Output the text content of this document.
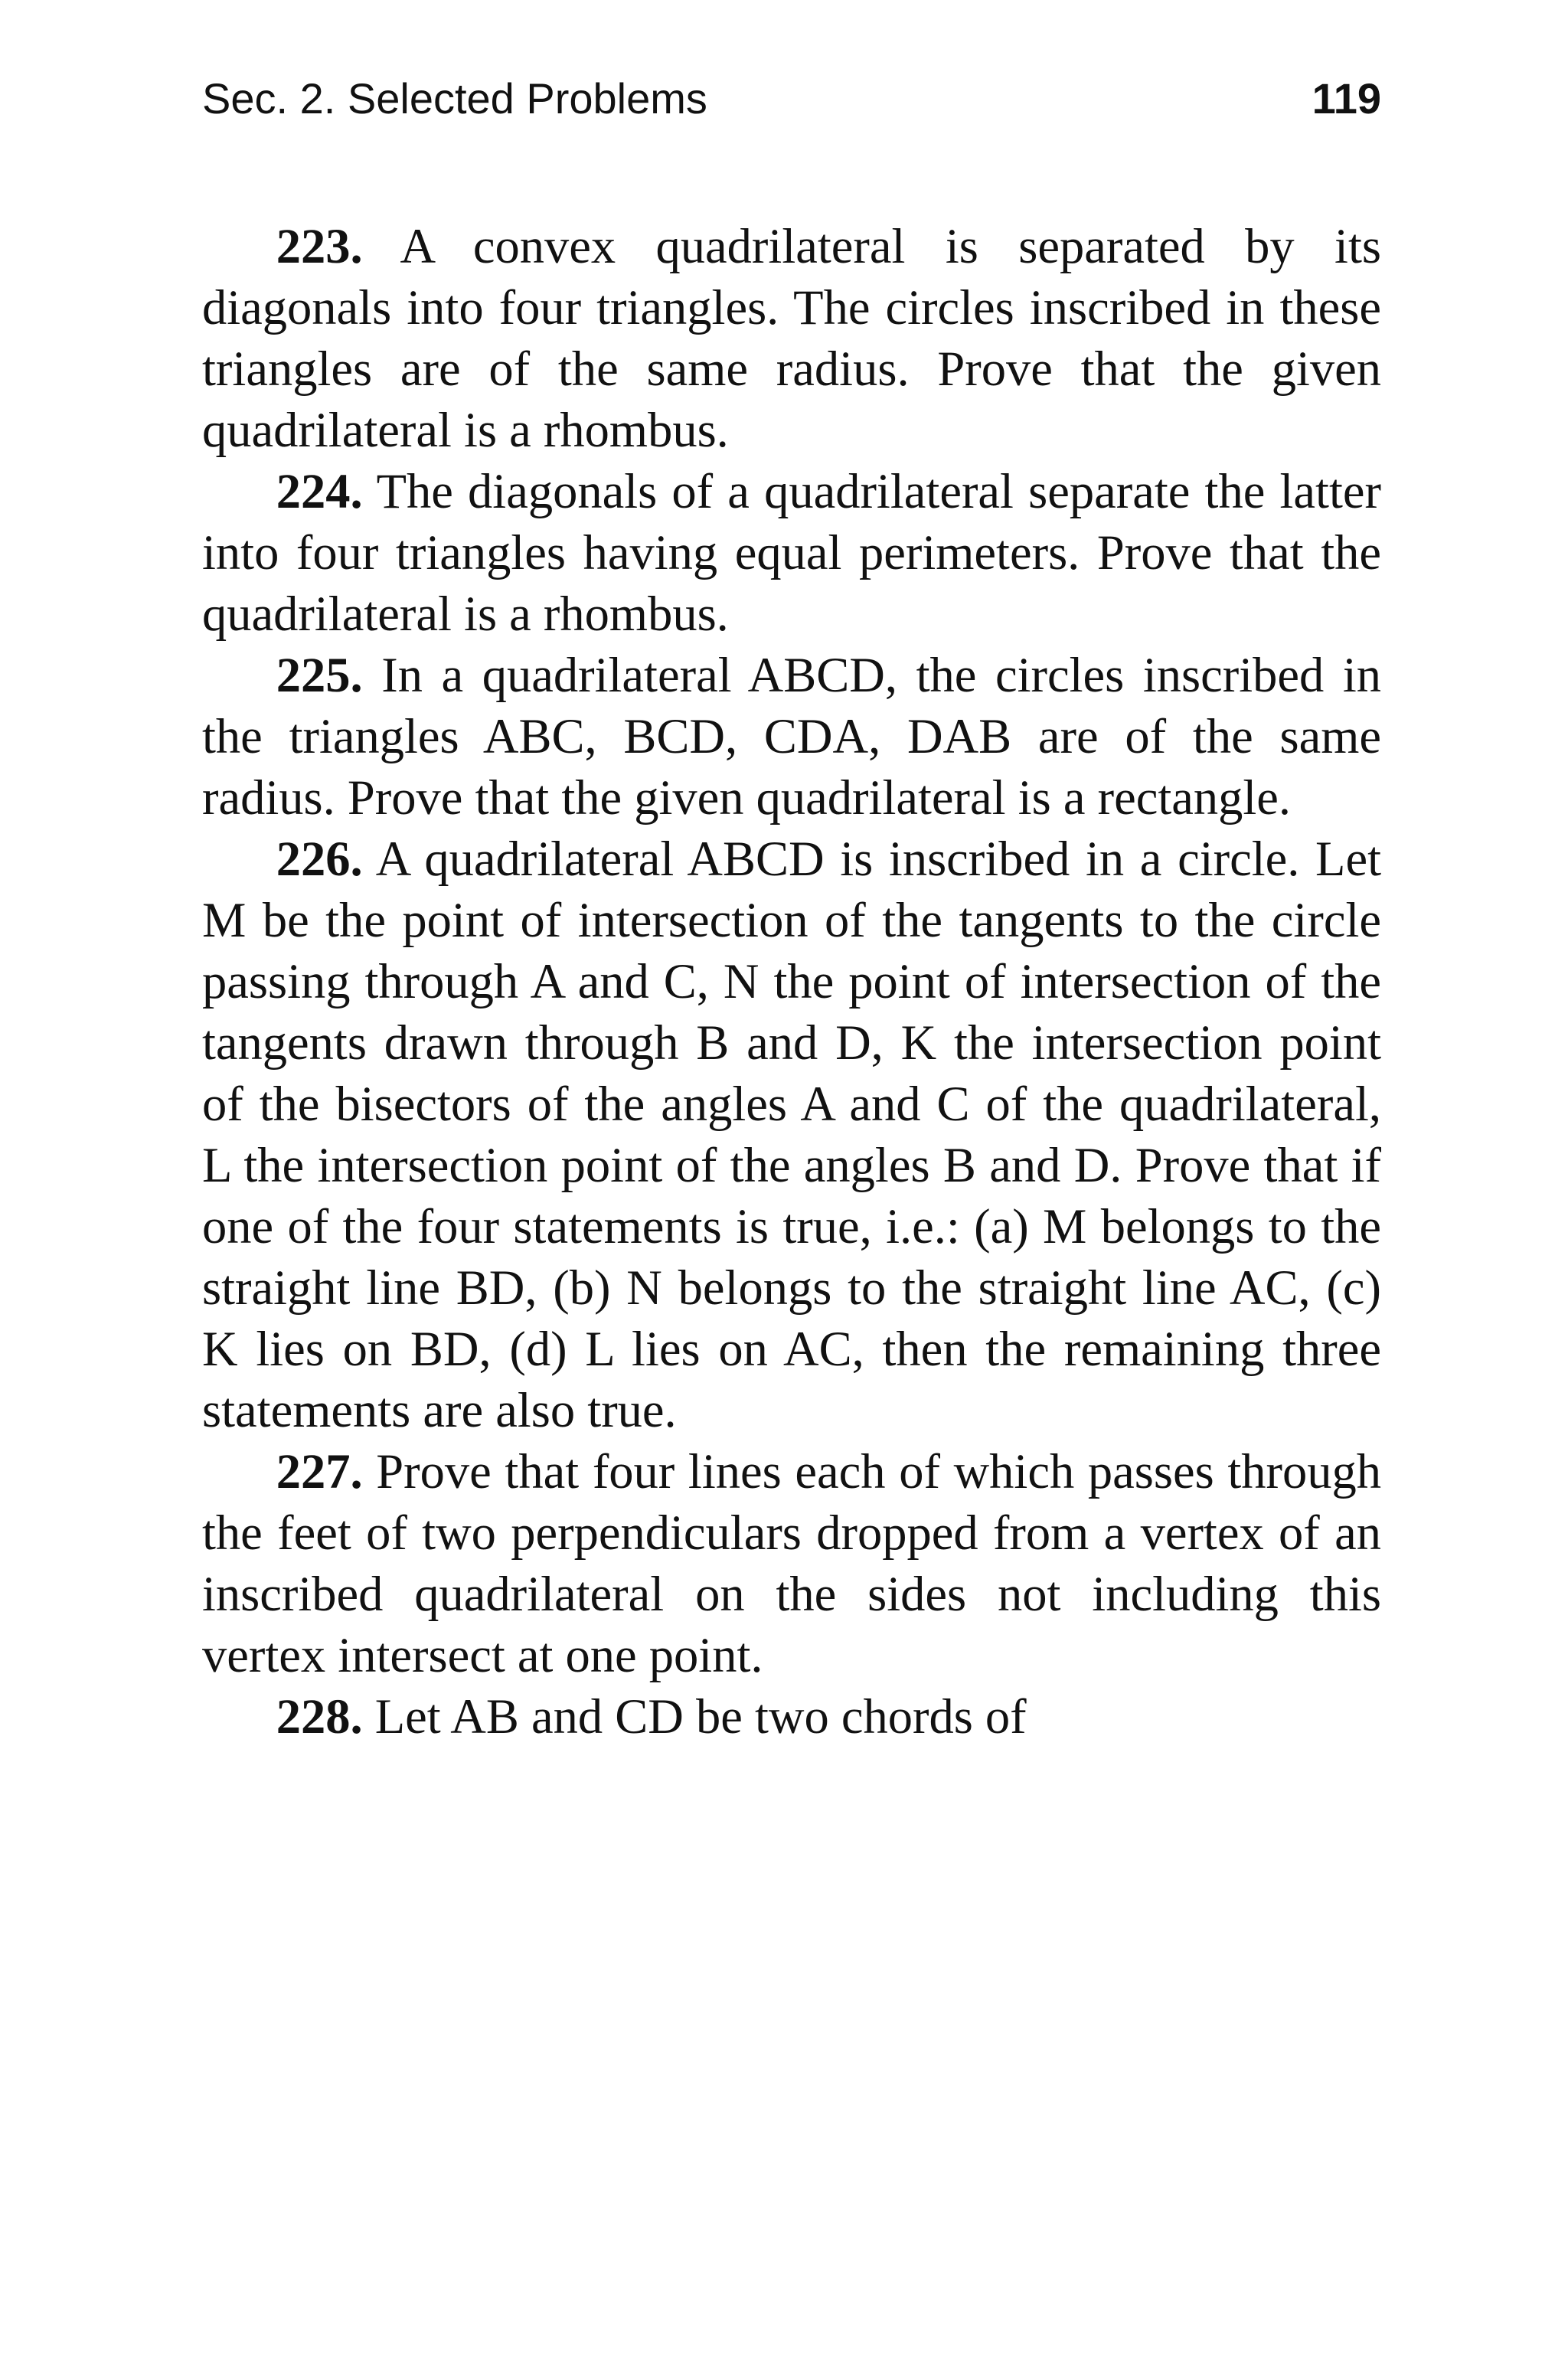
Sec. 2. Selected Problems	119

223. A convex quadrilateral is separated by its diagonals into four triangles. The circles inscribed in these triangles are of the same radius. Prove that the given quadrilateral is a rhombus.

224. The diagonals of a quadrilateral separate the latter into four triangles having equal perimeters. Prove that the quadrilateral is a rhombus.

225. In a quadrilateral ABCD, the circles inscribed in the triangles ABC, BCD, CDA, DAB are of the same radius. Prove that the given quadrilateral is a rectangle.

226. A quadrilateral ABCD is inscribed in a circle. Let M be the point of intersection of the tangents to the circle passing through A and C, N the point of intersection of the tangents drawn through B and D, K the intersection point of the bisectors of the angles A and C of the quadrilateral, L the intersection point of the angles B and D. Prove that if one of the four statements is true, i.e.: (a) M belongs to the straight line BD, (b) N belongs to the straight line AC, (c) K lies on BD, (d) L lies on AC, then the remaining three statements are also true.

227. Prove that four lines each of which passes through the feet of two perpendiculars dropped from a vertex of an inscribed quadrilateral on the sides not including this vertex intersect at one point.

228. Let AB and CD be two chords of
